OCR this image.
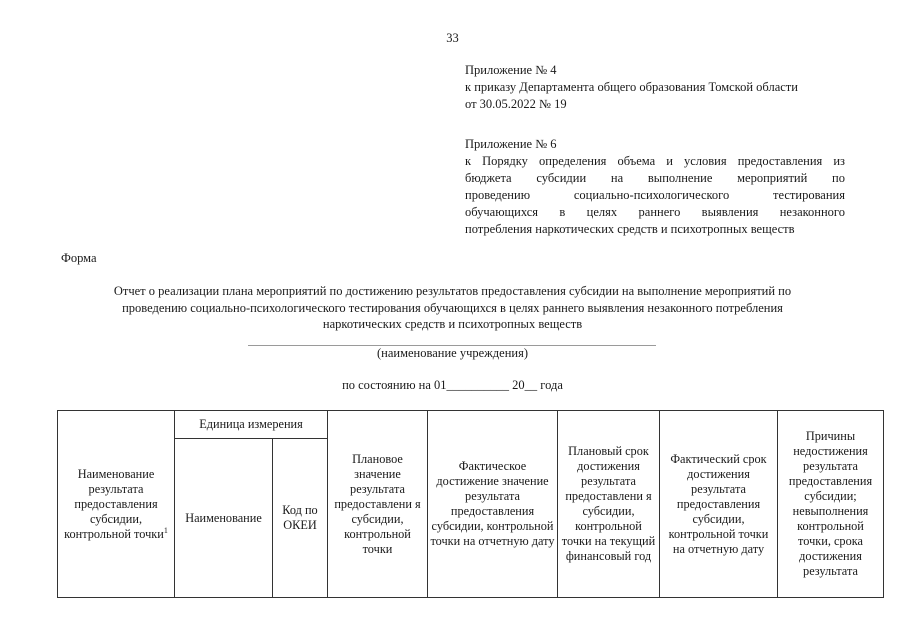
33
Приложение № 4
к приказу Департамента общего образования Томской области
от 30.05.2022 № 19
Приложение № 6
к Порядку определения объема и условия предоставления из
бюджета субсидии на выполнение мероприятий по
проведению социально-психологического тестирования
обучающихся в целях раннего выявления незаконного
потребления наркотических средств и психотропных веществ
Форма
Отчет о реализации плана мероприятий по достижению результатов предоставления субсидии на выполнение мероприятий по
проведению социально-психологического тестирования обучающихся в целях раннего выявления незаконного потребления
наркотических средств и психотропных веществ
(наименование учреждения)
по состоянию на 01__________ 20__ года
Наименование результата предоставления субсидии, контрольной точки$^1$	Единица измерения		Плановое значение результата предоставлени я субсидии, контрольной точки	Фактическое достижение значение результата предоставления субсидии, контрольной точки на отчетную дату	Плановый срок достижения результата предоставлени я субсидии, контрольной точки на текущий финансовый год	Фактический срок достижения результата предоставления субсидии, контрольной точки на отчетную дату	Причины недостижения результата предоставления субсидии; невыполнения контрольной точки, срока достижения результата
	Наименование	Код по ОКЕИ					
